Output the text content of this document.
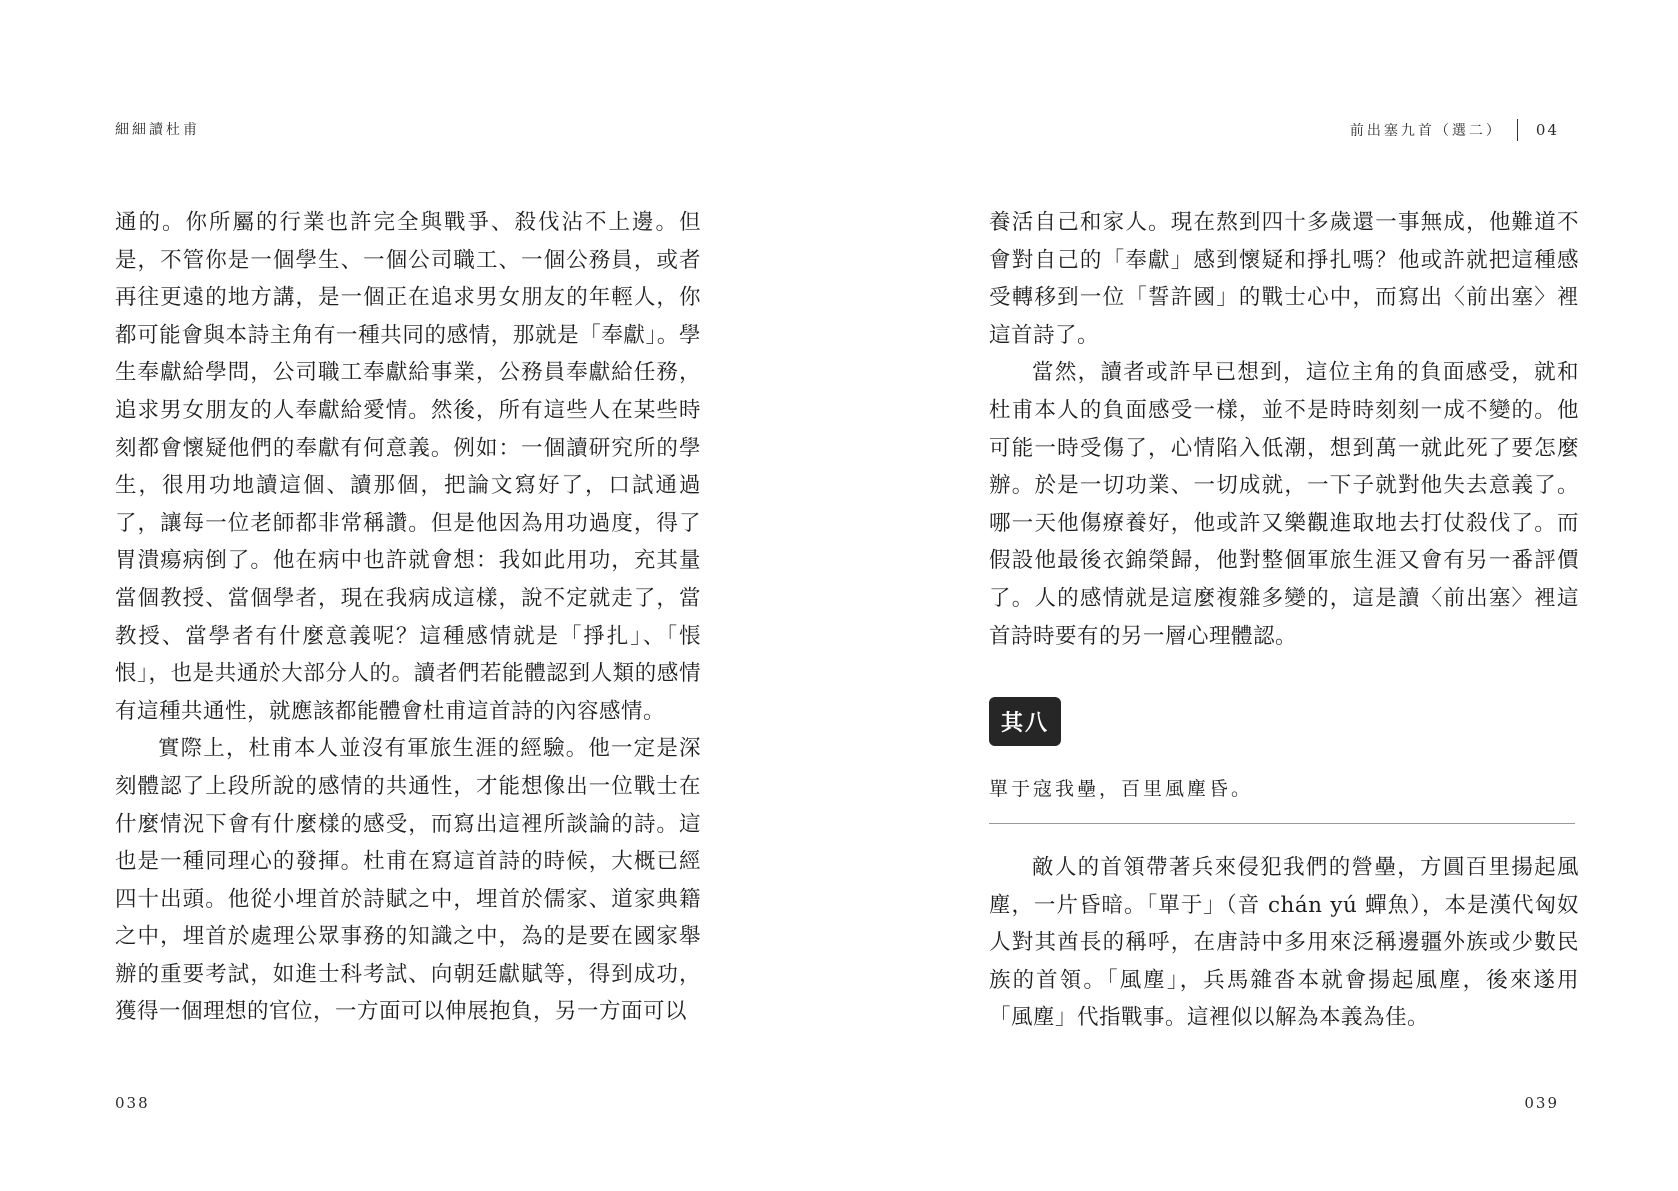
細細讀杜甫

通的。你所屬的行業也許完全與戰爭、殺伐沾不上邊。但是，不管你是一個學生、一個公司職工、一個公務員，或者再往更遠的地方講，是一個正在追求男女朋友的年輕人，你都可能會與本詩主角有一種共同的感情，那就是「奉獻」。學生奉獻給學問，公司職工奉獻給事業，公務員奉獻給任務，追求男女朋友的人奉獻給愛情。然後，所有這些人在某些時刻都會懷疑他們的奉獻有何意義。例如：一個讀研究所的學生，很用功地讀這個、讀那個，把論文寫好了，口試通過了，讓每一位老師都非常稱讚。但是他因為用功過度，得了胃潰瘍病倒了。他在病中也許就會想：我如此用功，充其量當個教授、當個學者，現在我病成這樣，說不定就走了，當教授、當學者有什麼意義呢？這種感情就是「掙扎」、「悵恨」，也是共通於大部分人的。讀者們若能體認到人類的感情有這種共通性，就應該都能體會杜甫這首詩的內容感情。

實際上，杜甫本人並沒有軍旅生涯的經驗。他一定是深刻體認了上段所說的感情的共通性，才能想像出一位戰士在什麼情況下會有什麼樣的感受，而寫出這裡所談論的詩。這也是一種同理心的發揮。杜甫在寫這首詩的時候，大概已經四十出頭。他從小埋首於詩賦之中，埋首於儒家、道家典籍之中，埋首於處理公眾事務的知識之中，為的是要在國家舉辦的重要考試，如進士科考試、向朝廷獻賦等，得到成功，獲得一個理想的官位，一方面可以伸展抱負，另一方面可以

038
前出塞九首（選二） 04

養活自己和家人。現在熬到四十多歲還一事無成，他難道不會對自己的「奉獻」感到懷疑和掙扎嗎？他或許就把這種感受轉移到一位「誓許國」的戰士心中，而寫出〈前出塞〉裡這首詩了。

當然，讀者或許早已想到，這位主角的負面感受，就和杜甫本人的負面感受一樣，並不是時時刻刻一成不變的。他可能一時受傷了，心情陷入低潮，想到萬一就此死了要怎麼辦。於是一切功業、一切成就，一下子就對他失去意義了。哪一天他傷療養好，他或許又樂觀進取地去打仗殺伐了。而假設他最後衣錦榮歸，他對整個軍旅生涯又會有另一番評價了。人的感情就是這麼複雜多變的，這是讀〈前出塞〉裡這首詩時要有的另一層心理體認。

其八
單于寇我壘，百里風塵昏。
敵人的首領帶著兵來侵犯我們的營壘，方圓百里揚起風塵，一片昏暗。「單于」（音 chán yú 蟬魚），本是漢代匈奴人對其酋長的稱呼，在唐詩中多用來泛稱邊疆外族或少數民族的首領。「風塵」，兵馬雜沓本就會揚起風塵，後來遂用「風塵」代指戰事。這裡似以解為本義為佳。
039
